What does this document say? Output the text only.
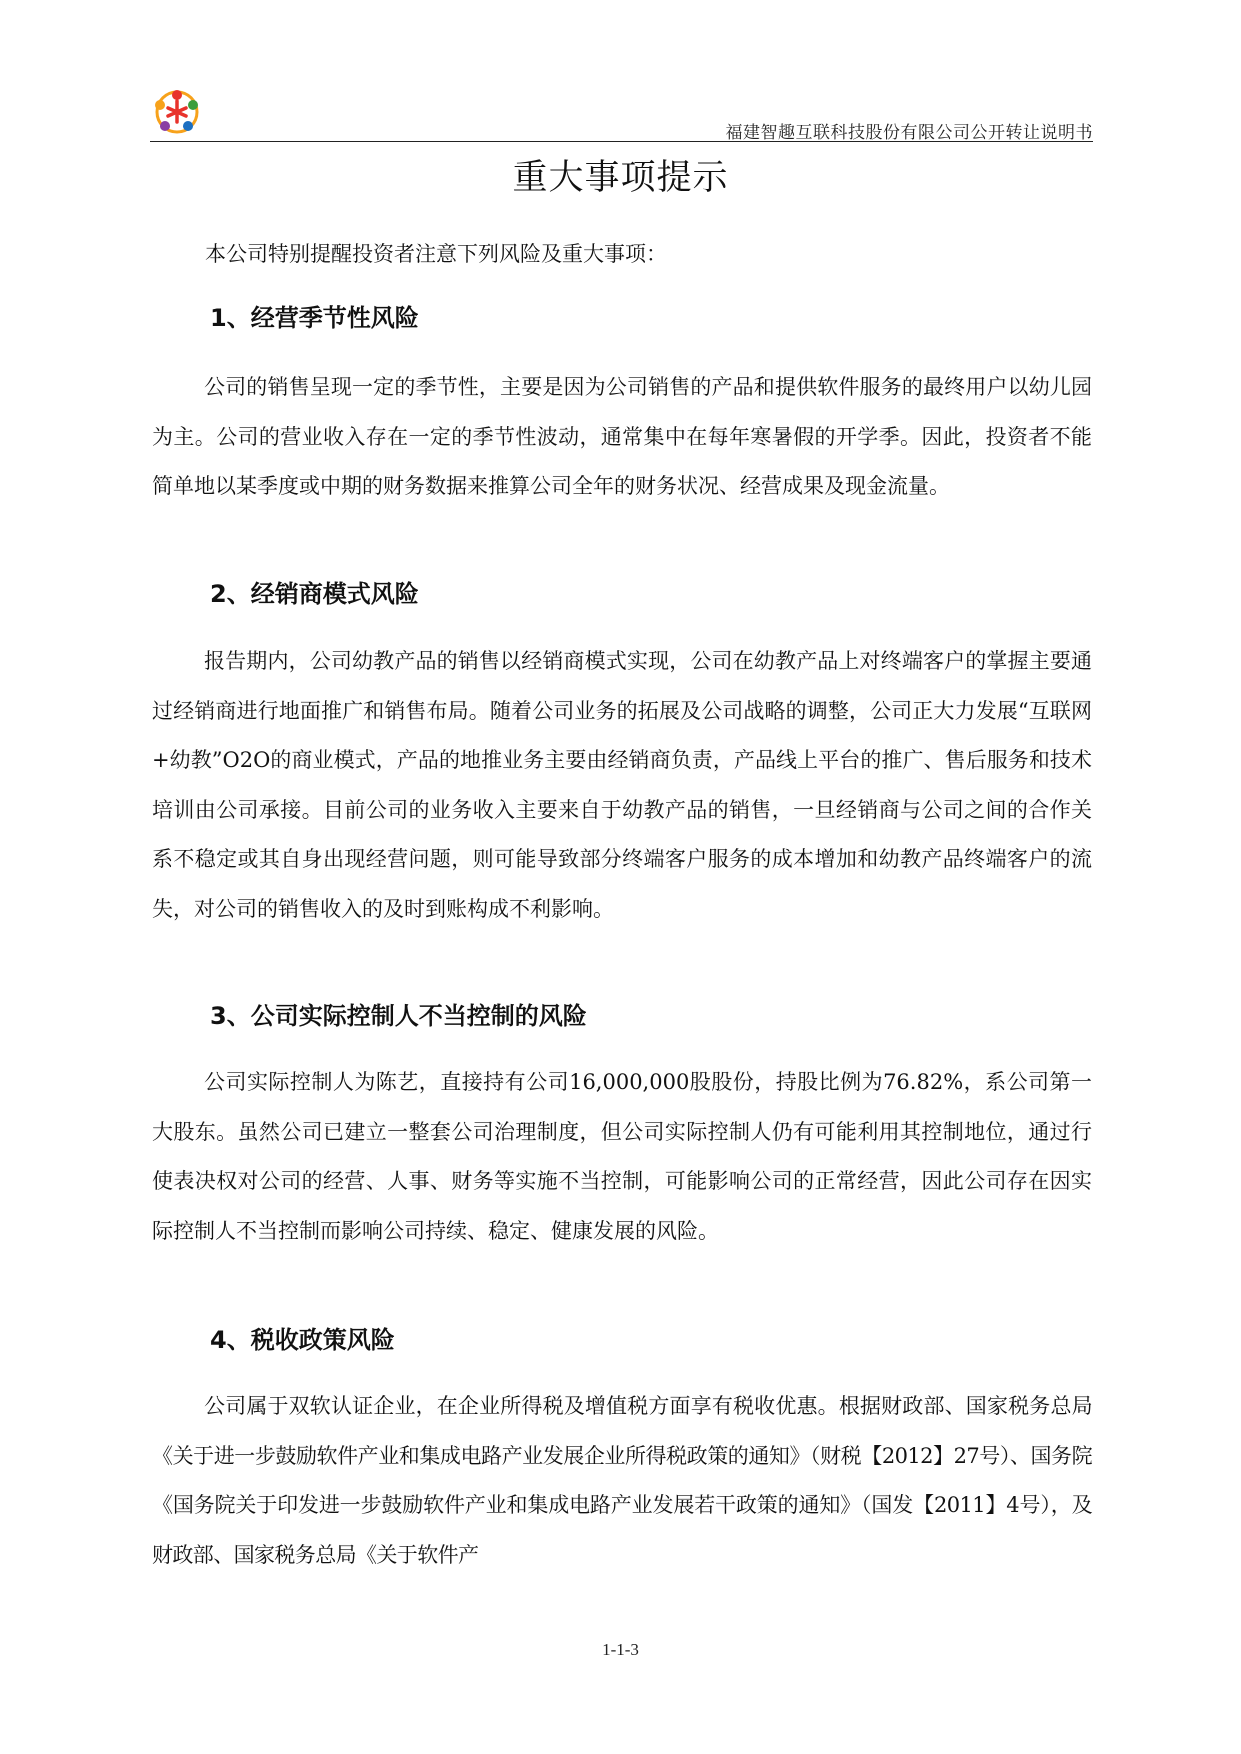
福建智趣互联科技股份有限公司公开转让说明书
重大事项提示
本公司特别提醒投资者注意下列风险及重大事项：
1、经营季节性风险

公司的销售呈现一定的季节性，主要是因为公司销售的产品和提供软件服务的最终用户以幼儿园为主。公司的营业收入存在一定的季节性波动，通常集中在每年寒暑假的开学季。因此，投资者不能简单地以某季度或中期的财务数据来推算公司全年的财务状况、经营成果及现金流量。

2、经销商模式风险

报告期内，公司幼教产品的销售以经销商模式实现，公司在幼教产品上对终端客户的掌握主要通过经销商进行地面推广和销售布局。随着公司业务的拓展及公司战略的调整，公司正大力发展“互联网+幼教”O2O的商业模式，产品的地推业务主要由经销商负责，产品线上平台的推广、售后服务和技术培训由公司承接。目前公司的业务收入主要来自于幼教产品的销售，一旦经销商与公司之间的合作关系不稳定或其自身出现经营问题，则可能导致部分终端客户服务的成本增加和幼教产品终端客户的流失，对公司的销售收入的及时到账构成不利影响。

3、公司实际控制人不当控制的风险

公司实际控制人为陈艺，直接持有公司16,000,000股股份，持股比例为76.82%，系公司第一大股东。虽然公司已建立一整套公司治理制度，但公司实际控制人仍有可能利用其控制地位，通过行使表决权对公司的经营、人事、财务等实施不当控制，可能影响公司的正常经营，因此公司存在因实际控制人不当控制而影响公司持续、稳定、健康发展的风险。

4、税收政策风险

公司属于双软认证企业，在企业所得税及增值税方面享有税收优惠。根据财政部、国家税务总局《关于进一步鼓励软件产业和集成电路产业发展企业所得税政策的通知》（财税【2012】27号）、国务院《国务院关于印发进一步鼓励软件产业和集成电路产业发展若干政策的通知》（国发【2011】4号），及财政部、国家税务总局《关于软件产

1-1-3
